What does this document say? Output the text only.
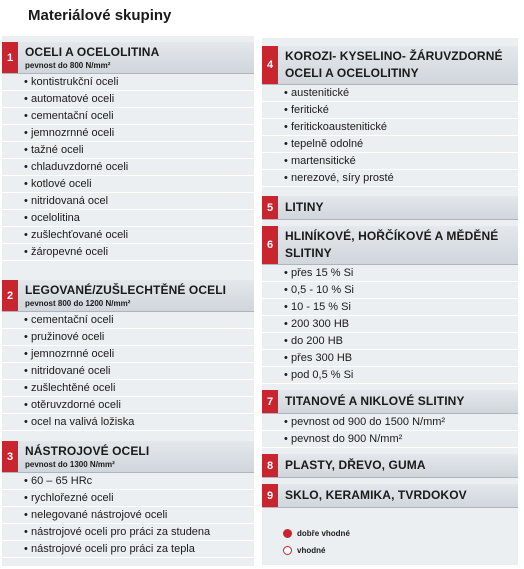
Materiálové skupiny
1 OCELI A OCELOLITINA
pevnost do 800 N/mm²
• kontistrukční oceli
• automatové oceli
• cementační oceli
• jemnozrnné oceli
• tažné oceli
• chladuvzdorné oceli
• kotlové oceli
• nitridovaná ocel
• ocelolitina
• zušlechťované oceli
• žáropevné oceli
2 LEGOVANÉ/ZUŠLECHTĚNÉ OCELI
pevnost 800 do 1200 N/mm²
• cementační oceli
• pružinové oceli
• jemnozrnné oceli
• nitridované oceli
• zušlechtěné oceli
• otěruvzdorné oceli
• ocel na valivá ložiska
3 NÁSTROJOVÉ OCELI
pevnost do 1300 N/mm²
• 60 – 65 HRc
• rychlořezné oceli
• nelegované nástrojové oceli
• nástrojové oceli pro práci za studena
• nástrojové oceli pro práci za tepla
4
KOROZI- KYSELINO- ŽÁRUVZDORNÉ
OCELI A OCELOLITINY
• austenitické
• feritické
• feritickoaustenitické
• tepelně odolné
• martensitické
• nerezové, síry prosté
5 LITINY
6
HLINÍKOVÉ, HOŘČÍKOVÉ A MĚDĚNÉ
SLITINY
• přes 15 % Si
• 0,5 - 10 % Si
• 10 - 15 % Si
• 200 300 HB
• do 200 HB
• přes 300 HB
• pod 0,5 % Si
7 TITANOVÉ A NIKLOVÉ SLITINY
• pevnost od 900 do 1500 N/mm²
• pevnost do 900 N/mm²
8 PLASTY, DŘEVO, GUMA
9 SKLO, KERAMIKA, TVRDOKOV
dobře vhodné
vhodné
